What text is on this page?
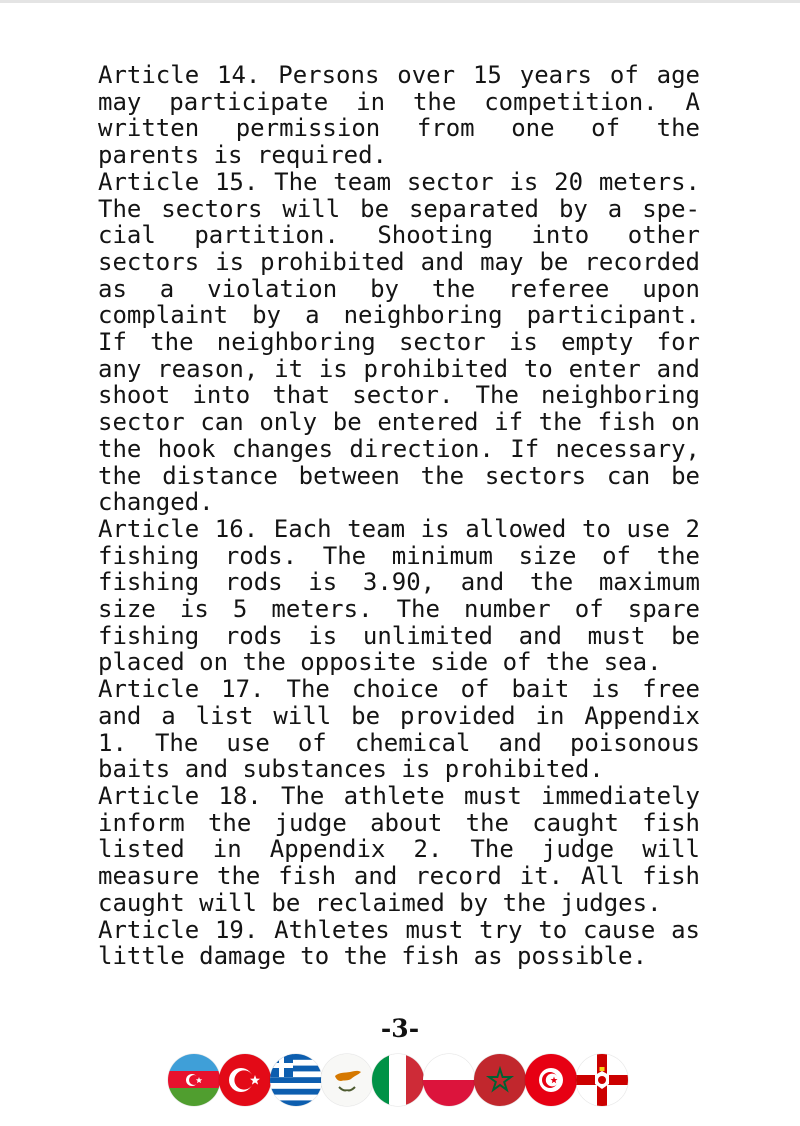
Article 14. Persons over 15 years of age may participate in the competition. A written permission from one of the parents is required.

Article 15. The team sector is 20 meters. The sectors will be separated by a special partition. Shooting into other sectors is prohibited and may be recorded as a violation by the referee upon complaint by a neighboring participant. If the neighboring sector is empty for any reason, it is prohibited to enter and shoot into that sector. The neighboring sector can only be entered if the fish on the hook changes direction. If necessary, the distance between the sectors can be changed.

Article 16. Each team is allowed to use 2 fishing rods. The minimum size of the fishing rods is 3.90, and the maximum size is 5 meters. The number of spare fishing rods is unlimited and must be placed on the opposite side of the sea.

Article 17. The choice of bait is free and a list will be provided in Appendix 1. The use of chemical and poisonous baits and substances is prohibited.

Article 18. The athlete must immediately inform the judge about the caught fish listed in Appendix 2. The judge will measure the fish and record it. All fish caught will be reclaimed by the judges.

Article 19. Athletes must try to cause as little damage to the fish as possible.

-3-
